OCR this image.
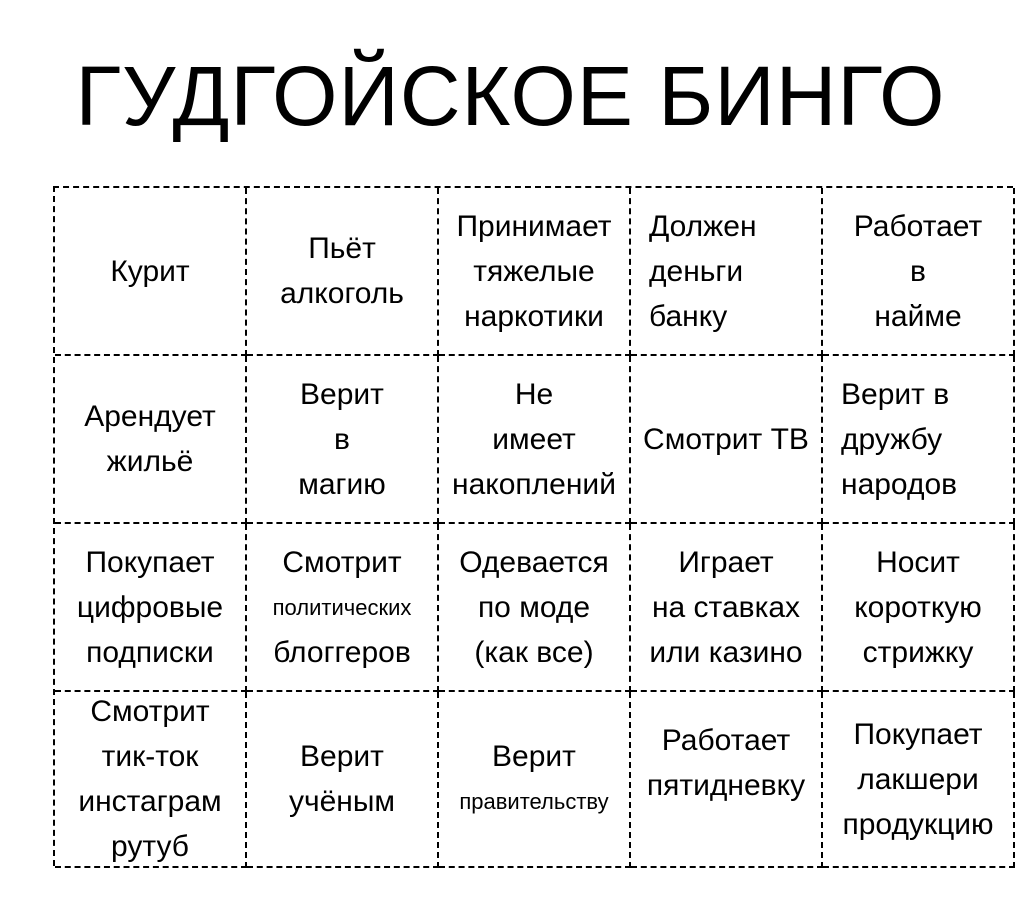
ГУДГОЙСКОЕ БИНГО
Курит
Пьёт
алкоголь
Принимает
тяжелые
наркотики
Должен
деньги
банку
Работает
в
найме
Арендует
жильё
Верит
в
магию
Не
имеет
накоплений
Смотрит ТВ
Верит в
дружбу
народов
Покупает
цифровые
подписки
Смотрит
политических
блоггеров
Одевается
по моде
(как все)
Играет
на ставках
или казино
Носит
короткую
стрижку
Смотрит
тик-ток
инстаграм
рутуб
Верит
учёным
Верит
правительству
Работает
пятидневку
Покупает
лакшери
продукцию
